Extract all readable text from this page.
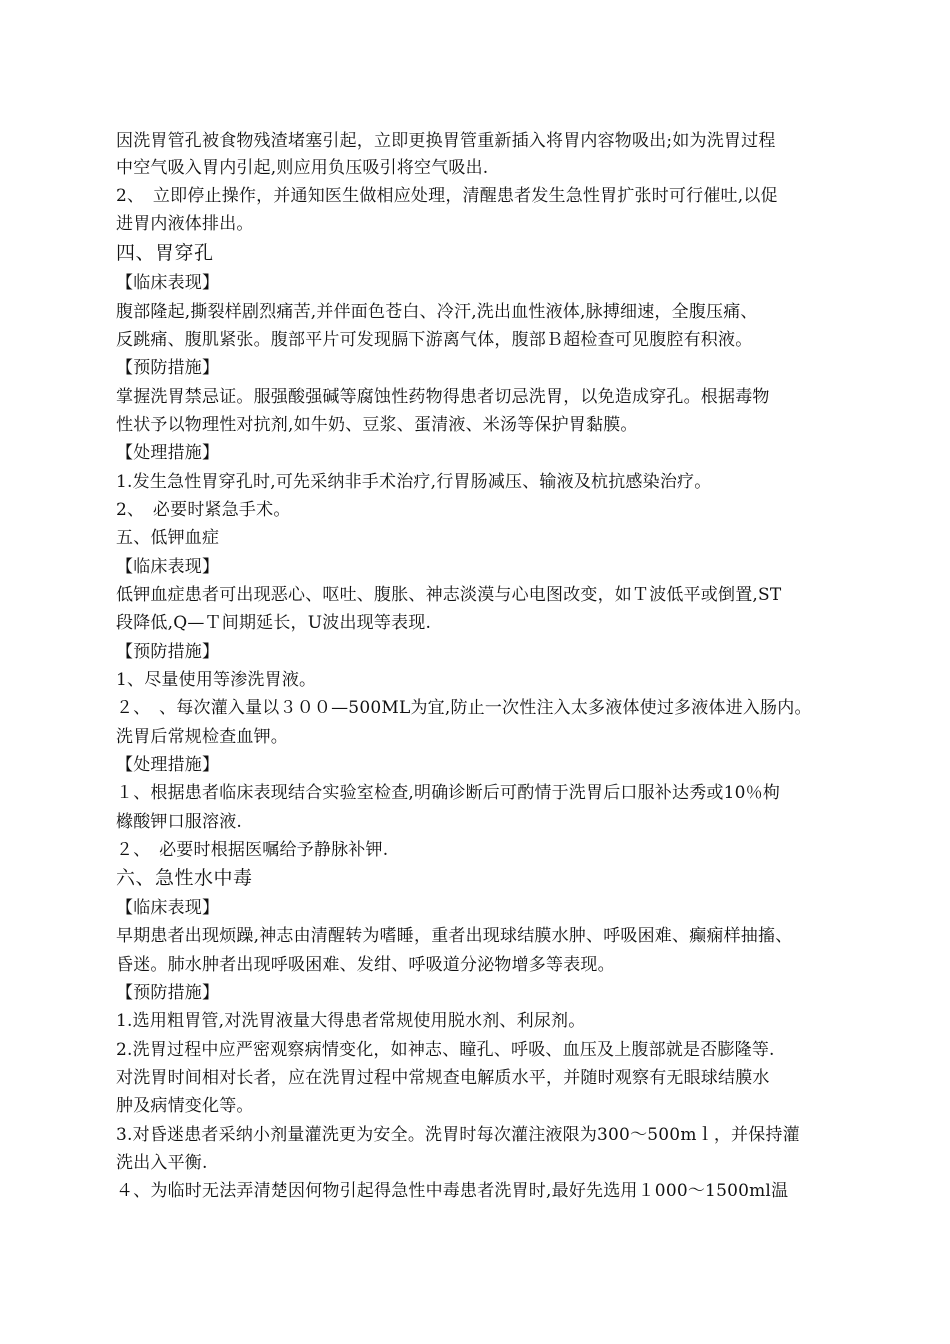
因洗胃管孔被食物残渣堵塞引起，立即更换胃管重新插入将胃内容物吸出;如为洗胃过程
中空气吸入胃内引起,则应用负压吸引将空气吸出.
2、　立即停止操作，并通知医生做相应处理，清醒患者发生急性胃扩张时可行催吐,以促
进胃内液体排出。
四、胃穿孔
【临床表现】
腹部隆起,撕裂样剧烈痛苦,并伴面色苍白、冷汗,洗出血性液体,脉搏细速，全腹压痛、
反跳痛、腹肌紧张。腹部平片可发现膈下游离气体，腹部Ｂ超检查可见腹腔有积液。
【预防措施】
掌握洗胃禁忌证。服强酸强碱等腐蚀性药物得患者切忌洗胃，以免造成穿孔。根据毒物
性状予以物理性对抗剂,如牛奶、豆浆、蛋清液、米汤等保护胃黏膜。
【处理措施】
1.发生急性胃穿孔时,可先采纳非手术治疗,行胃肠减压、输液及杭抗感染治疗。
2、　必要时紧急手术。
五、低钾血症
【临床表现】
低钾血症患者可出现恶心、呕吐、腹胀、神志淡漠与心电图改变，如Ｔ波低平或倒置,ST
段降低,Q—Ｔ间期延长，U波出现等表现.
【预防措施】
1、尽量使用等渗洗胃液。
２、　、每次灌入量以３００—500ML为宜,防止一次性注入太多液体使过多液体进入肠内。
洗胃后常规检查血钾。
【处理措施】
１、根据患者临床表现结合实验室检查,明确诊断后可酌情于洗胃后口服补达秀或10％枸
橼酸钾口服溶液.
２、　必要时根据医嘱给予静脉补钾.
六、急性水中毒
【临床表现】
早期患者出现烦躁,神志由清醒转为嗜睡，重者出现球结膜水肿、呼吸困难、癫痫样抽搐、
昏迷。肺水肿者出现呼吸困难、发绀、呼吸道分泌物增多等表现。
【预防措施】
1.选用粗胃管,对洗胃液量大得患者常规使用脱水剂、利尿剂。
2.洗胃过程中应严密观察病情变化，如神志、瞳孔、呼吸、血压及上腹部就是否膨隆等.
对洗胃时间相对长者，应在洗胃过程中常规查电解质水平，并随时观察有无眼球结膜水
肿及病情变化等。
3.对昏迷患者采纳小剂量灌洗更为安全。洗胃时每次灌注液限为300～500mｌ，并保持灌
洗出入平衡.
４、为临时无法弄清楚因何物引起得急性中毒患者洗胃时,最好先选用１000～1500ml温
